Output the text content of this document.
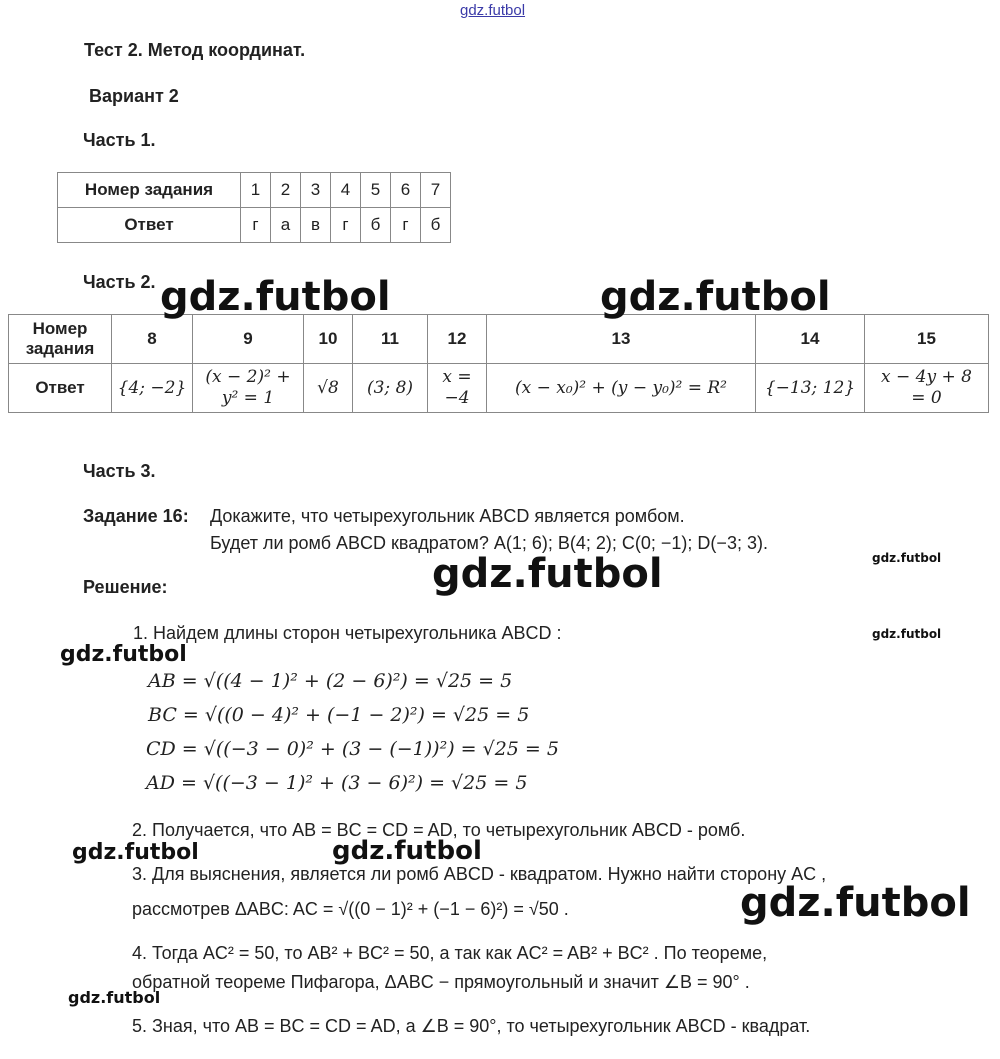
gdz.futbol
Тест 2. Метод координат.
Вариант 2
Часть 1.
Номер задания	1	2	3	4	5	6	7
Ответ	г	а	в	г	б	г	б
Часть 2.
Номер задания	8	9	10	11	12	13	14	15
Ответ	{4; −2}	(x − 2)² + y² = 1	√8	(3; 8)	x = −4	(x − x₀)² + (y − y₀)² = R²	{−13; 12}	x − 4y + 8 = 0
Часть 3.
Задание 16: Докажите, что четырехугольник ABCD является ромбом.
Будет ли ромб ABCD квадратом? A(1; 6); B(4; 2); C(0; −1); D(−3; 3).
Решение:
1. Найдем длины сторон четырехугольника ABCD :
AB = √((4 − 1)² + (2 − 6)²) = √25 = 5
BC = √((0 − 4)² + (−1 − 2)²) = √25 = 5
CD = √((−3 − 0)² + (3 − (−1))²) = √25 = 5
AD = √((−3 − 1)² + (3 − 6)²) = √25 = 5
2. Получается, что AB = BC = CD = AD, то четырехугольник ABCD - ромб.
3. Для выяснения, является ли ромб ABCD - квадратом. Нужно найти сторону AC ,
рассмотрев ΔABC: AC = √((0 − 1)² + (−1 − 6)²) = √50 .
4. Тогда AC² = 50, то AB² + BC² = 50, а так как AC² = AB² + BC² . По теореме,
обратной теореме Пифагора, ΔABC − прямоугольный и значит ∠B = 90° .
5. Зная, что AB = BC = CD = AD, а ∠B = 90°, то четырехугольник ABCD - квадрат.
gdz.futbol	gdz.futbol
gdz.futbol
gdz.futbol
gdz.futbol
gdz.futbol	gdz.futbol
gdz.futbol
gdz.futbol
gdz.futbol
